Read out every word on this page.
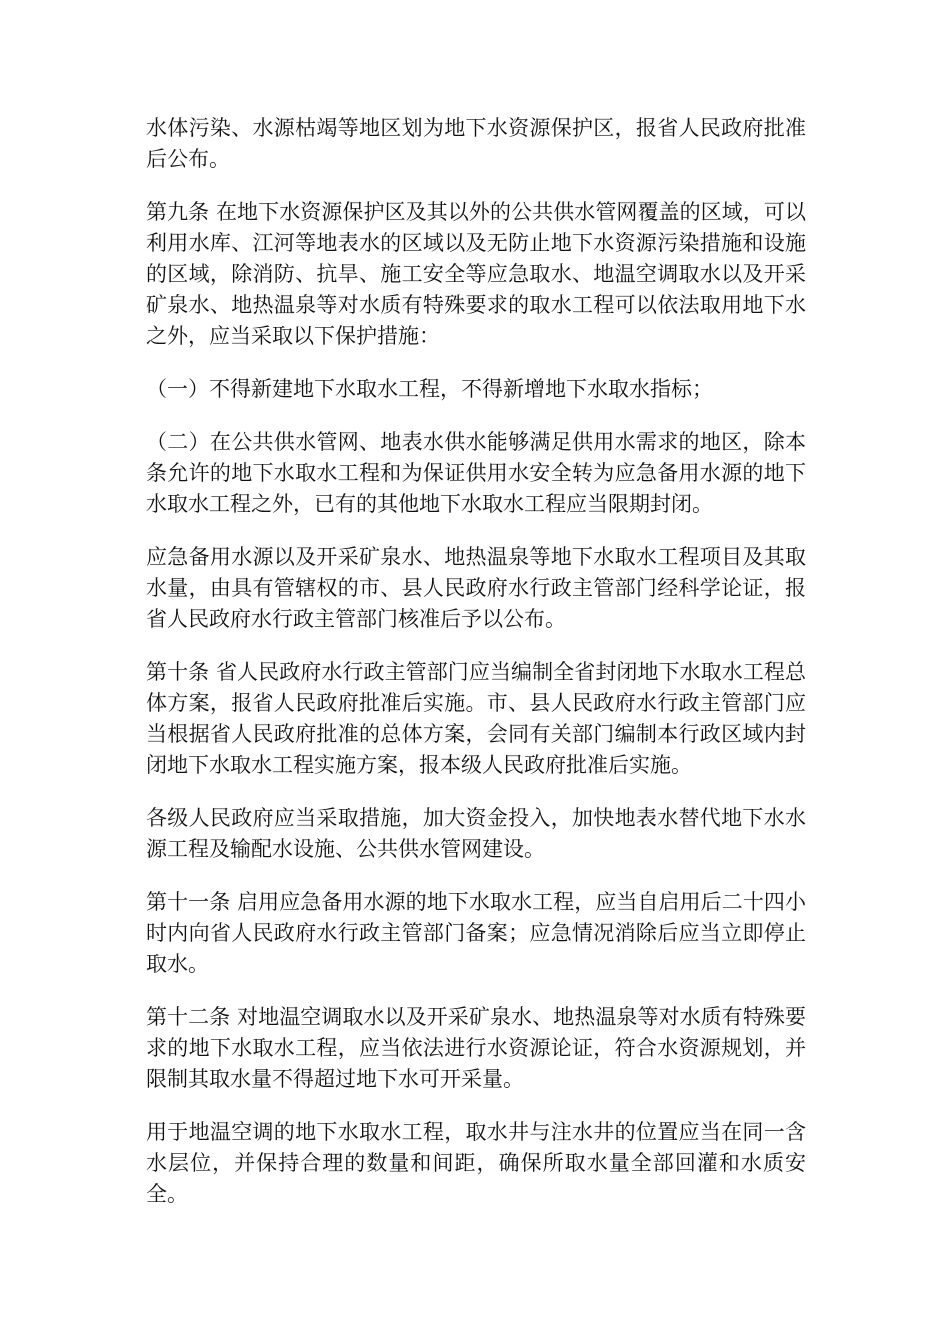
水体污染、水源枯竭等地区划为地下水资源保护区，报省人民政府批准后公布。

第九条 在地下水资源保护区及其以外的公共供水管网覆盖的区域，可以利用水库、江河等地表水的区域以及无防止地下水资源污染措施和设施的区域，除消防、抗旱、施工安全等应急取水、地温空调取水以及开采矿泉水、地热温泉等对水质有特殊要求的取水工程可以依法取用地下水之外，应当采取以下保护措施：

（一）不得新建地下水取水工程，不得新增地下水取水指标；

（二）在公共供水管网、地表水供水能够满足供用水需求的地区，除本条允许的地下水取水工程和为保证供用水安全转为应急备用水源的地下水取水工程之外，已有的其他地下水取水工程应当限期封闭。

应急备用水源以及开采矿泉水、地热温泉等地下水取水工程项目及其取水量，由具有管辖权的市、县人民政府水行政主管部门经科学论证，报省人民政府水行政主管部门核准后予以公布。

第十条 省人民政府水行政主管部门应当编制全省封闭地下水取水工程总体方案，报省人民政府批准后实施。市、县人民政府水行政主管部门应当根据省人民政府批准的总体方案，会同有关部门编制本行政区域内封闭地下水取水工程实施方案，报本级人民政府批准后实施。

各级人民政府应当采取措施，加大资金投入，加快地表水替代地下水水源工程及输配水设施、公共供水管网建设。

第十一条 启用应急备用水源的地下水取水工程，应当自启用后二十四小时内向省人民政府水行政主管部门备案；应急情况消除后应当立即停止取水。

第十二条 对地温空调取水以及开采矿泉水、地热温泉等对水质有特殊要求的地下水取水工程，应当依法进行水资源论证，符合水资源规划，并限制其取水量不得超过地下水可开采量。

用于地温空调的地下水取水工程，取水井与注水井的位置应当在同一含水层位，并保持合理的数量和间距，确保所取水量全部回灌和水质安全。
